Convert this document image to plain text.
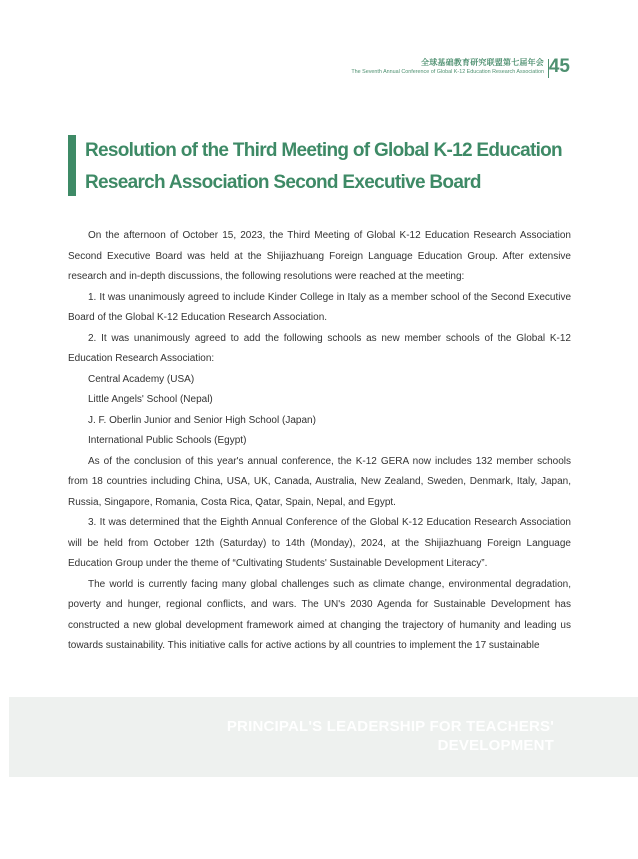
全球基础教育研究联盟第七届年会
The Seventh Annual Conference of Global K-12 Education Research Association 45
Resolution of the Third Meeting of Global K-12 Education
Research Association Second Executive Board

On the afternoon of October 15, 2023, the Third Meeting of Global K-12 Education Research Association Second Executive Board was held at the Shijiazhuang Foreign Language Education Group. After extensive research and in-depth discussions, the following resolutions were reached at the meeting:

1. It was unanimously agreed to include Kinder College in Italy as a member school of the Second Executive Board of the Global K-12 Education Research Association.

2. It was unanimously agreed to add the following schools as new member schools of the Global K-12 Education Research Association:

Central Academy (USA)

Little Angels' School (Nepal)

J. F. Oberlin Junior and Senior High School (Japan)

International Public Schools (Egypt)

As of the conclusion of this year's annual conference, the K-12 GERA now includes 132 member schools from 18 countries including China, USA, UK, Canada, Australia, New Zealand, Sweden, Denmark, Italy, Japan, Russia, Singapore, Romania, Costa Rica, Qatar, Spain, Nepal, and Egypt.

3. It was determined that the Eighth Annual Conference of the Global K-12 Education Research Association will be held from October 12th (Saturday) to 14th (Monday), 2024, at the Shijiazhuang Foreign Language Education Group under the theme of “Cultivating Students' Sustainable Development Literacy”.

The world is currently facing many global challenges such as climate change, environmental degradation, poverty and hunger, regional conflicts, and wars. The UN's 2030 Agenda for Sustainable Development has constructed a new global development framework aimed at changing the trajectory of humanity and leading us towards sustainability. This initiative calls for active actions by all countries to implement the 17 sustainable

PRINCIPAL'S LEADERSHIP FOR TEACHERS'
DEVELOPMENT
